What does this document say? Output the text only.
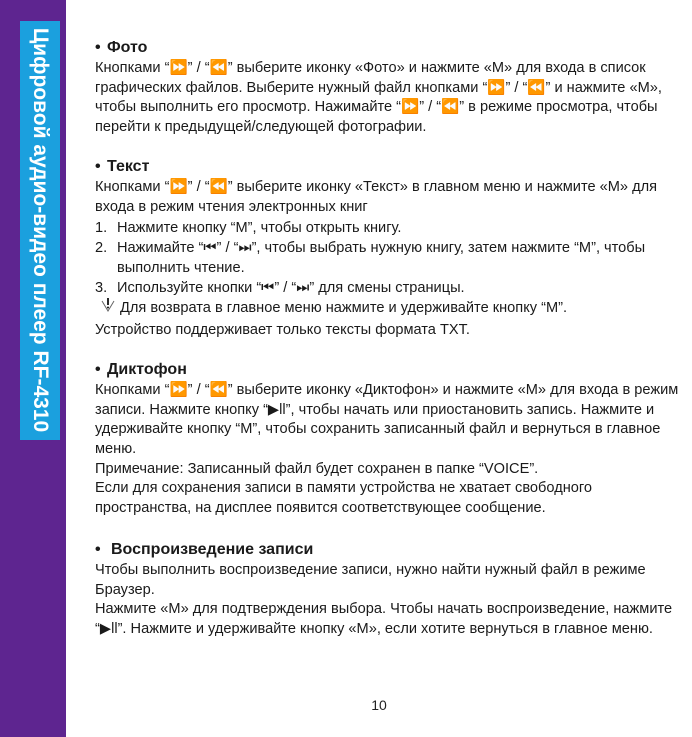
Цифровой аудио-видео плеер RF-4310	• Фото

Кнопками “⏩” / “⏪” выберите иконку «Фото» и нажмите «М» для входа в список графических файлов. Выберите нужный файл кнопками “⏩” / “⏪” и нажмите «М», чтобы выполнить его просмотр. Нажимайте “⏩” / “⏪” в режиме просмотра, чтобы перейти к предыдущей/следующей фотографии.

• Текст

Кнопками “⏩” / “⏪” выберите иконку «Текст» в главном меню и нажмите «М» для входа в режим чтения электронных книг

1. Нажмите кнопку “M”, чтобы открыть книгу.
2. Нажимайте “⏮” / “⏭”, чтобы выбрать нужную книгу, затем нажмите “M”, чтобы выполнить чтение.
3. Используйте кнопки “⏮” / “⏭” для смены страницы.
Для возврата в главное меню нажмите и удерживайте кнопку “M”.

Устройство поддерживает только тексты формата TXT.

• Диктофон

Кнопками “⏩” / “⏪” выберите иконку «Диктофон» и нажмите «М» для входа в режим записи. Нажмите кнопку “▶ll”, чтобы начать или приостановить запись. Нажмите и удерживайте кнопку “M”, чтобы сохранить записанный файл и вернуться в главное меню.

Примечание: Записанный файл будет сохранен в папке “VOICE”.

Если для сохранения записи в памяти устройства не хватает свободного пространства, на дисплее появится соответствующее сообщение.

• Воспроизведение записи

Чтобы выполнить воспроизведение записи, нужно найти нужный файл в режиме Браузер.

Нажмите «М» для подтверждения выбора. Чтобы начать воспроизведение, нажмите “▶ll”. Нажмите и удерживайте кнопку «М», если хотите вернуться в главное меню.

10
